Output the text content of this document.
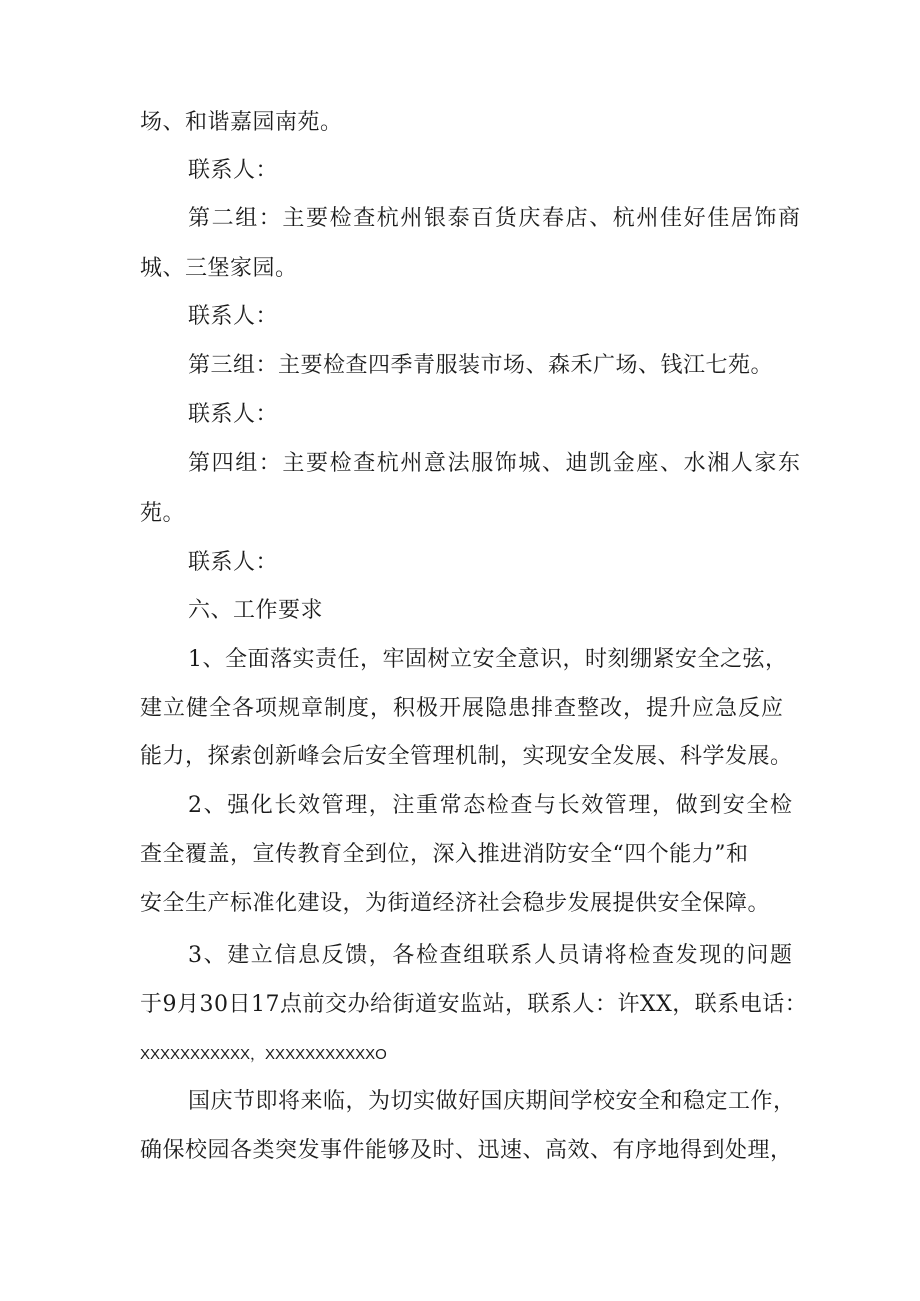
场、和谐嘉园南苑。

联系人：

第二组：主要检查杭州银泰百货庆春店、杭州佳好佳居饰商

城、三堡家园。

联系人：

第三组：主要检查四季青服装市场、森禾广场、钱江七苑。

联系人：

第四组：主要检查杭州意法服饰城、迪凯金座、水湘人家东

苑。

联系人：

六、工作要求

1、全面落实责任，牢固树立安全意识，时刻绷紧安全之弦，

建立健全各项规章制度，积极开展隐患排查整改，提升应急反应

能力，探索创新峰会后安全管理机制，实现安全发展、科学发展。

2、强化长效管理，注重常态检查与长效管理，做到安全检

查全覆盖，宣传教育全到位，深入推进消防安全“四个能力”和

安全生产标准化建设，为街道经济社会稳步发展提供安全保障。

3、建立信息反馈，各检查组联系人员请将检查发现的问题

于9月30日17点前交办给街道安监站，联系人：许XX，联系电话：

XXXXXXXXXXX，XXXXXXXXXXXO

国庆节即将来临，为切实做好国庆期间学校安全和稳定工作，

确保校园各类突发事件能够及时、迅速、高效、有序地得到处理，
